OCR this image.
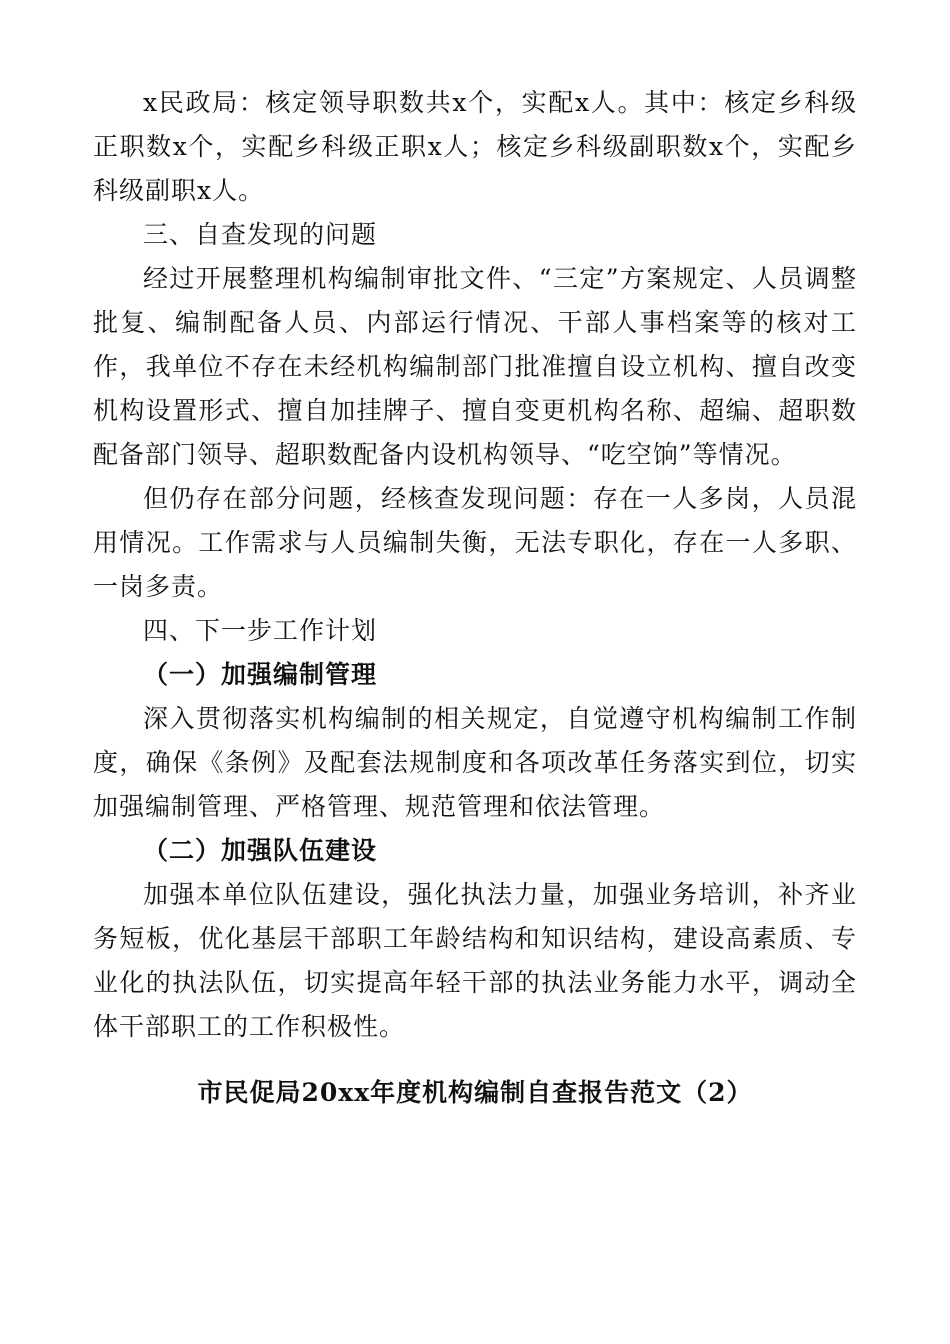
x民政局：核定领导职数共x个，实配x人。其中：核定乡科级正职数x个，实配乡科级正职x人；核定乡科级副职数x个，实配乡科级副职x人。

三、自查发现的问题

经过开展整理机构编制审批文件、“三定”方案规定、人员调整批复、编制配备人员、内部运行情况、干部人事档案等的核对工作，我单位不存在未经机构编制部门批准擅自设立机构、擅自改变机构设置形式、擅自加挂牌子、擅自变更机构名称、超编、超职数配备部门领导、超职数配备内设机构领导、“吃空饷”等情况。

但仍存在部分问题，经核查发现问题：存在一人多岗，人员混用情况。工作需求与人员编制失衡，无法专职化，存在一人多职、一岗多责。

四、下一步工作计划

（一）加强编制管理

深入贯彻落实机构编制的相关规定，自觉遵守机构编制工作制度，确保《条例》及配套法规制度和各项改革任务落实到位，切实加强编制管理、严格管理、规范管理和依法管理。

（二）加强队伍建设

加强本单位队伍建设，强化执法力量，加强业务培训，补齐业务短板，优化基层干部职工年龄结构和知识结构，建设高素质、专业化的执法队伍，切实提高年轻干部的执法业务能力水平，调动全体干部职工的工作积极性。

市民促局20xx年度机构编制自查报告范文（2）
